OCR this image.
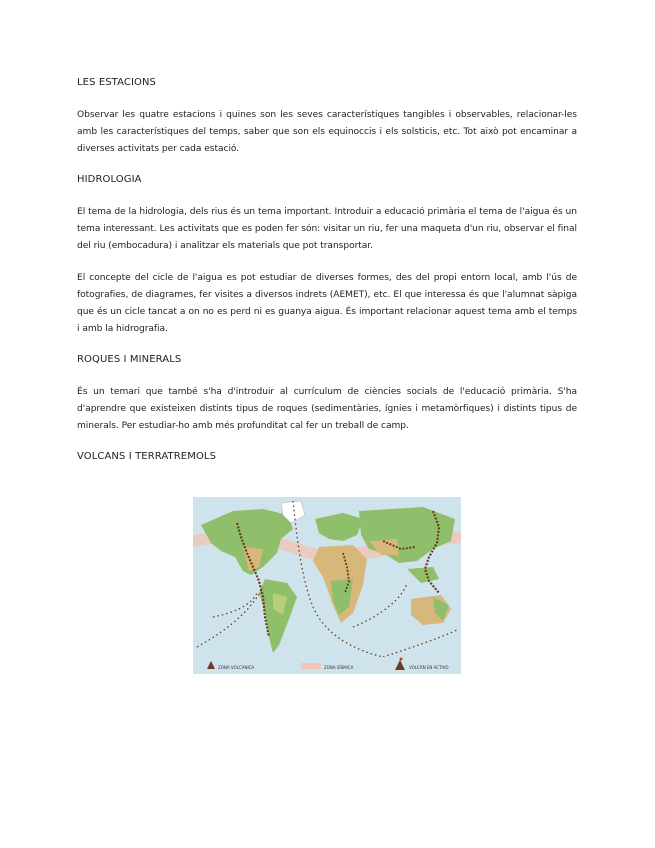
LES ESTACIONS

Observar les quatre estacions i quines son les seves característiques tangibles i observables, relacionar-les amb les característiques del temps, saber que son els equinoccis i els solsticis, etc. Tot això pot encaminar a diverses activitats per cada estació.

HIDROLOGIA

El tema de la hidrologia, dels rius és un tema important. Introduir a educació primària el tema de l'aigua és un tema interessant. Les activitats que es poden fer són: visitar un riu, fer una maqueta d'un riu, observar el final del riu (embocadura) i analitzar els materials que pot transportar.

El concepte del cicle de l'aigua es pot estudiar de diverses formes, des del propi entorn local, amb l'ús de fotografies, de diagrames, fer visites a diversos indrets (AEMET), etc. El que interessa és que l'alumnat sàpiga que és un cicle tancat a on no es perd ni es guanya aigua. És important relacionar aquest tema amb el temps i amb la hidrografia.

ROQUES I MINERALS

És un temari que també s'ha d'introduir al currículum de ciències socials de l'educació primària. S'ha d'aprendre que existeixen distints tipus de roques (sedimentàries, ígnies i metamòrfiques) i distints tipus de minerals. Per estudiar-ho amb més profunditat cal fer un treball de camp.

VOLCANS I TERRATREMOLS

ZONA VOLCÀNICA	ZONA SÍSMICA	VOLCÀN EN ACTIVO
